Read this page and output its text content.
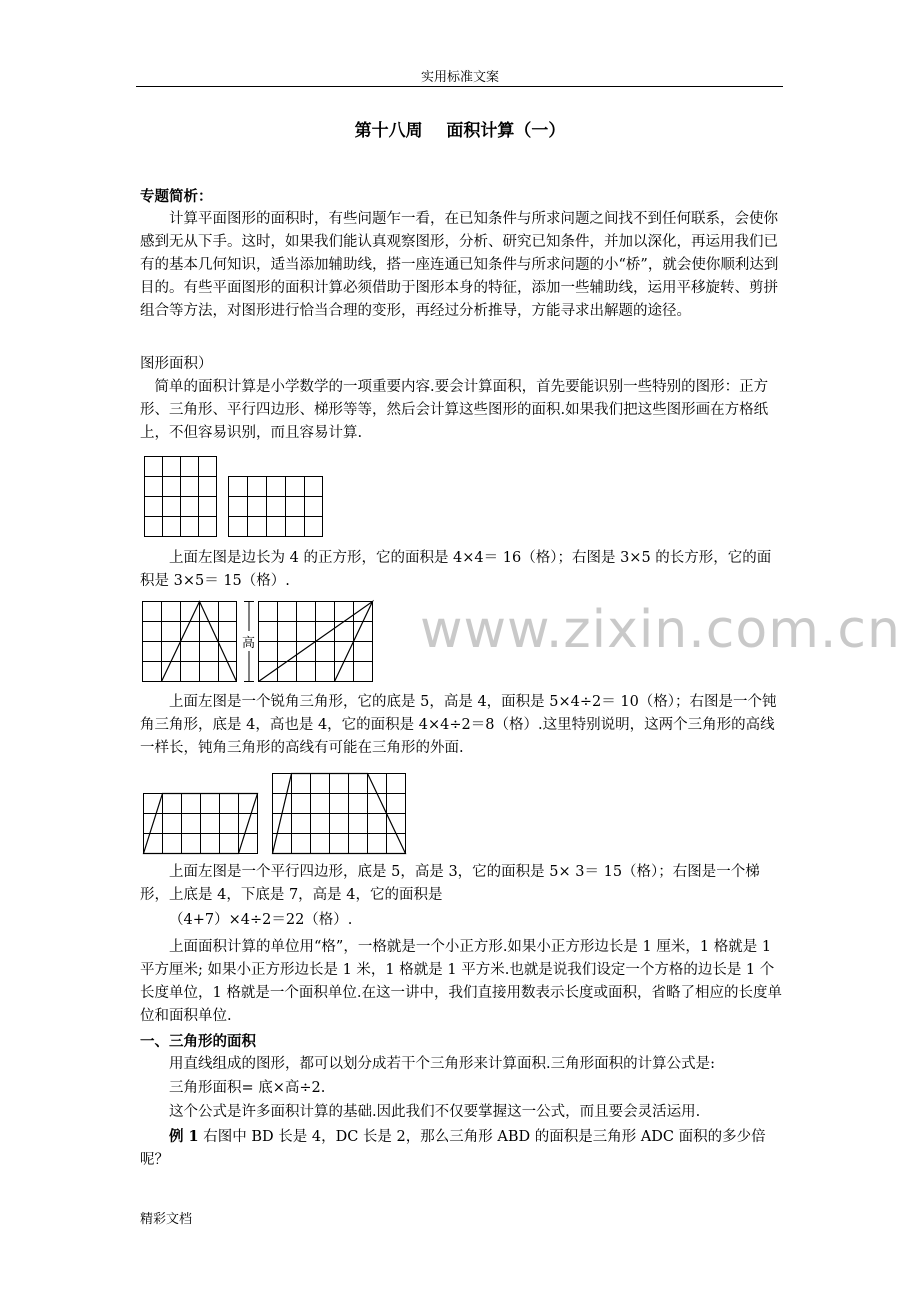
实用标准文案
第十八周    面积计算（一）
专题简析：
计算平面图形的面积时，有些问题乍一看，在已知条件与所求问题之间找不到任何联系，会使你感到无从下手。这时，如果我们能认真观察图形，分析、研究已知条件，并加以深化，再运用我们已有的基本几何知识，适当添加辅助线，搭一座连通已知条件与所求问题的小“桥”，就会使你顺利达到目的。有些平面图形的面积计算必须借助于图形本身的特征，添加一些辅助线，运用平移旋转、剪拼组合等方法，对图形进行恰当合理的变形，再经过分析推导，方能寻求出解题的途径。
图形面积）
简单的面积计算是小学数学的一项重要内容.要会计算面积，首先要能识别一些特别的图形：正方形、三角形、平行四边形、梯形等等，然后会计算这些图形的面积.如果我们把这些图形画在方格纸上，不但容易识别，而且容易计算.
上面左图是边长为 4 的正方形，它的面积是 4×4＝ 16（格）；右图是 3×5 的长方形，它的面积是 3×5＝ 15（格）.
高
上面左图是一个锐角三角形，它的底是 5，高是 4，面积是 5×4÷2＝ 10（格）；右图是一个钝角三角形，底是 4，高也是 4，它的面积是 4×4÷2＝8（格）.这里特别说明，这两个三角形的高线一样长，钝角三角形的高线有可能在三角形的外面.
上面左图是一个平行四边形，底是 5，高是 3，它的面积是 5× 3＝ 15（格）；右图是一个梯形，上底是 4，下底是 7，高是 4，它的面积是
（4+7）×4÷2＝22（格）.
上面面积计算的单位用“格”，一格就是一个小正方形.如果小正方形边长是 1 厘米，1 格就是 1 平方厘米; 如果小正方形边长是 1 米，1 格就是 1 平方米.也就是说我们设定一个方格的边长是 1 个长度单位，1 格就是一个面积单位.在这一讲中，我们直接用数表示长度或面积，省略了相应的长度单位和面积单位.
一、三角形的面积
用直线组成的图形，都可以划分成若干个三角形来计算面积.三角形面积的计算公式是:
三角形面积= 底×高÷2.
这个公式是许多面积计算的基础.因此我们不仅要掌握这一公式，而且要会灵活运用.
例 1 右图中 BD 长是 4，DC 长是 2，那么三角形 ABD 的面积是三角形 ADC 面积的多少倍呢？
www.zixin.com.cn
精彩文档
